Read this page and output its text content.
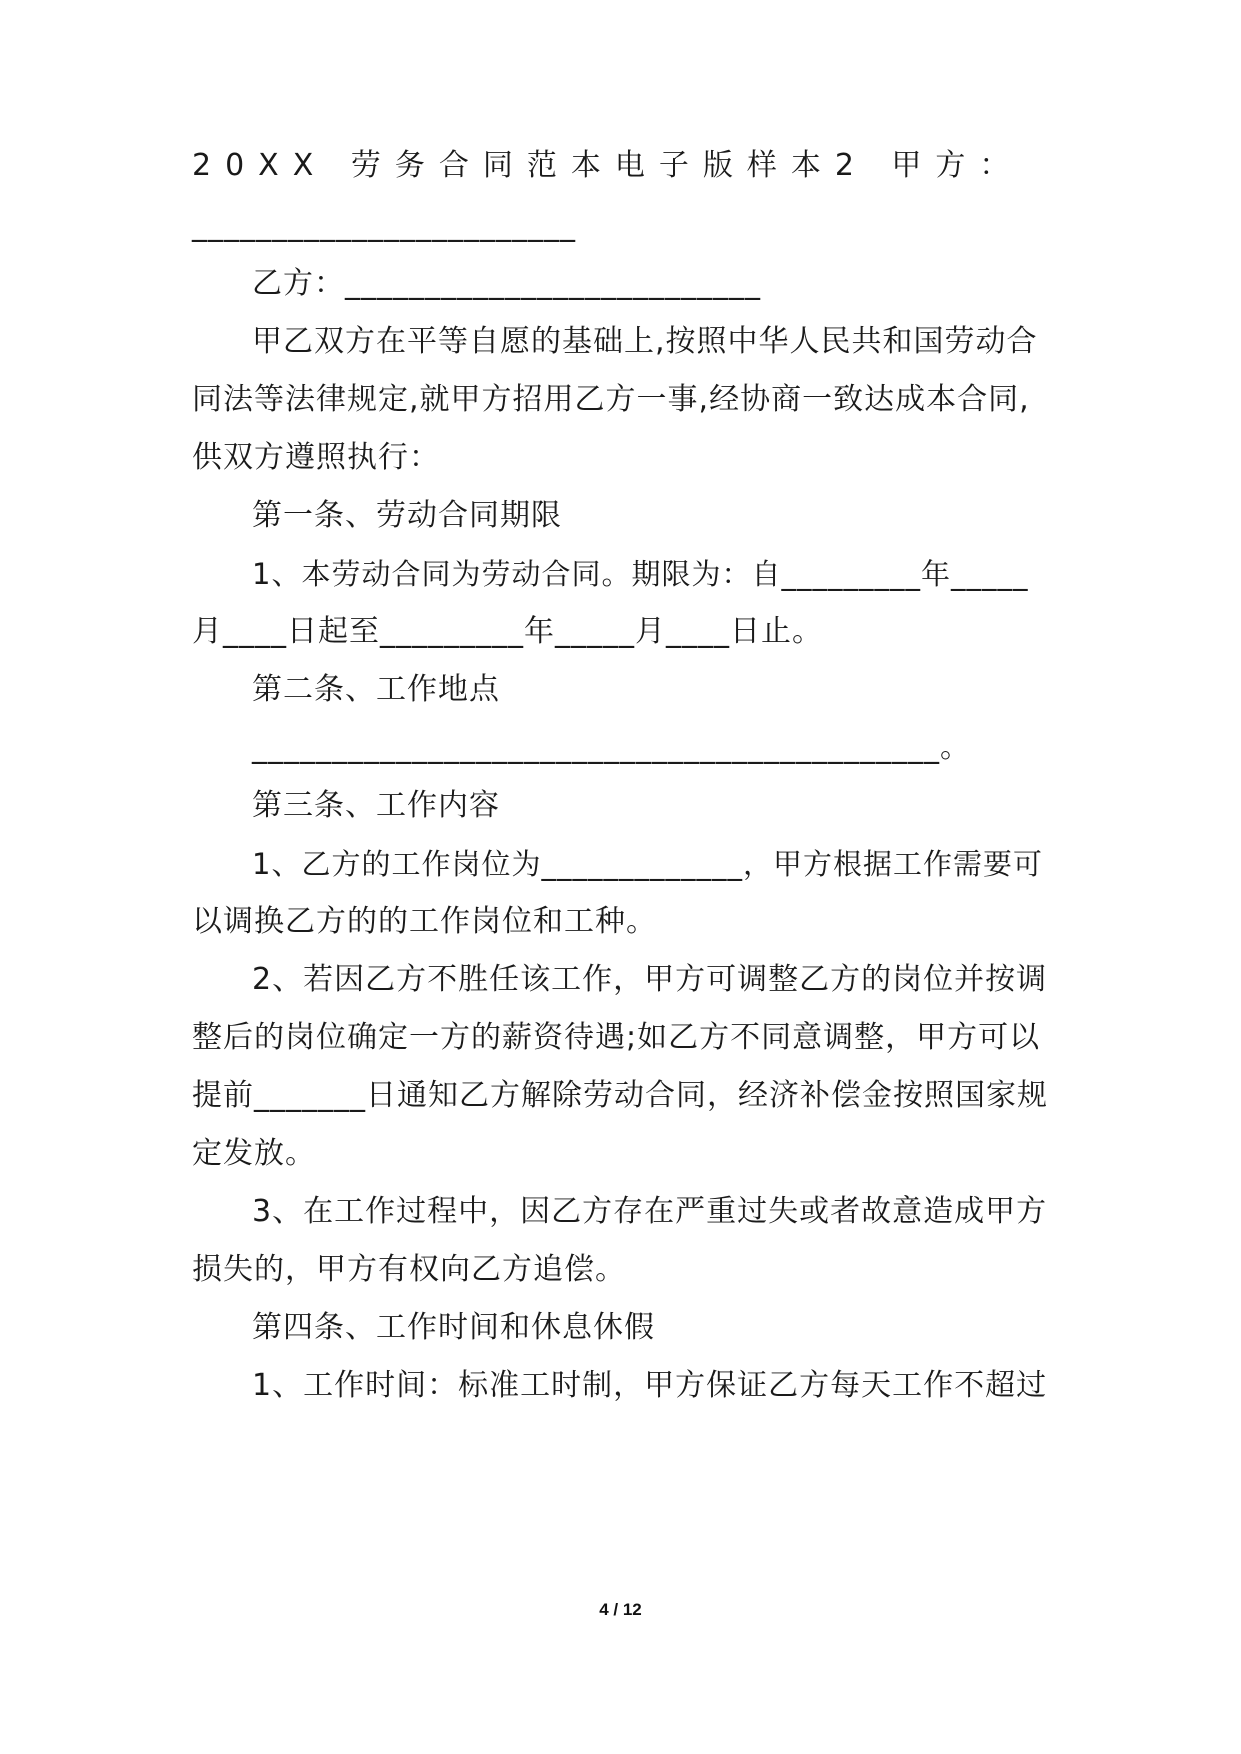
20XX 劳务合同范本电子版样本2 甲方：
________________________
乙方：__________________________
甲乙双方在平等自愿的基础上,按照中华人民共和国劳动合
同法等法律规定,就甲方招用乙方一事,经协商一致达成本合同,
供双方遵照执行：
第一条、劳动合同期限
1、本劳动合同为劳动合同。期限为：自_________年_____
月____日起至_________年_____月____日止。
第二条、工作地点
___________________________________________。
第三条、工作内容
1、乙方的工作岗位为_____________，甲方根据工作需要可
以调换乙方的的工作岗位和工种。
2、若因乙方不胜任该工作，甲方可调整乙方的岗位并按调
整后的岗位确定一方的薪资待遇;如乙方不同意调整，甲方可以
提前_______日通知乙方解除劳动合同，经济补偿金按照国家规
定发放。
3、在工作过程中，因乙方存在严重过失或者故意造成甲方
损失的，甲方有权向乙方追偿。
第四条、工作时间和休息休假
1、工作时间：标准工时制，甲方保证乙方每天工作不超过
4 / 12
